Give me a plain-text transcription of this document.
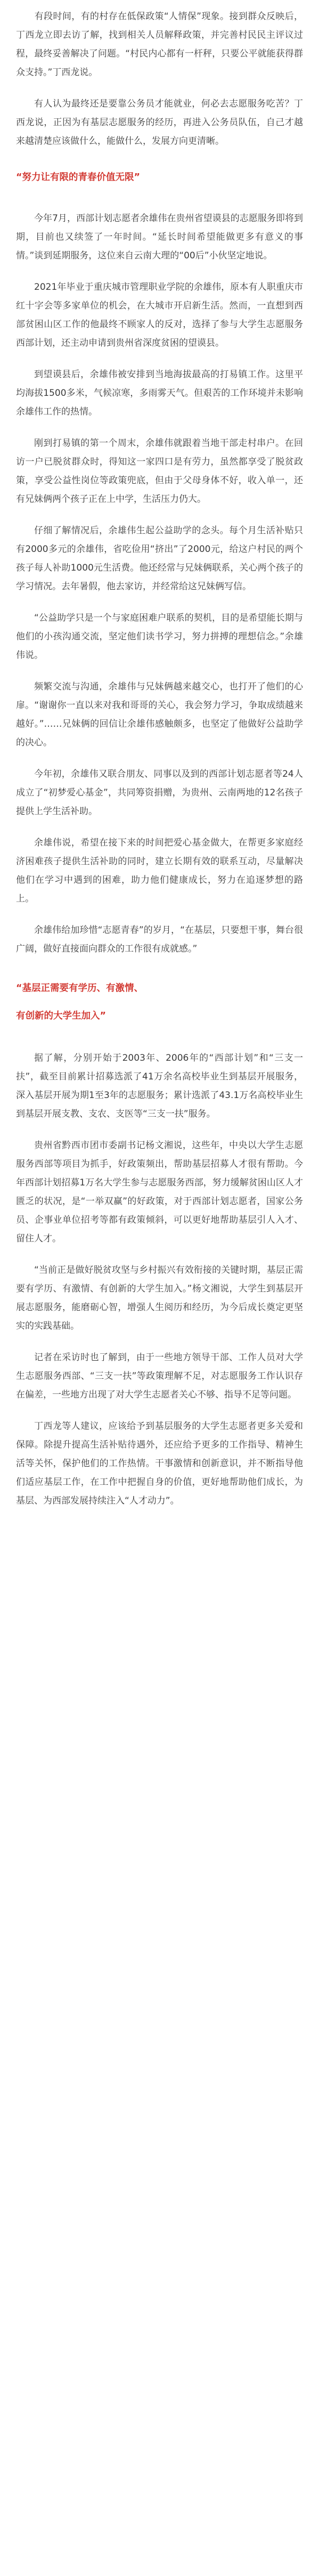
有段时间，有的村存在低保政策“人情保”现象。接到群众反映后，丁西龙立即去访了解，找到相关人员解释政策，并完善村民民主评议过程，最终妥善解决了问题。“村民内心都有一杆秤，只要公平就能获得群众支持。”丁西龙说。

有人认为最终还是要靠公务员才能就业，何必去志愿服务吃苦？丁西龙说，正因为有基层志愿服务的经历，再进入公务员队伍，自己才越来越清楚应该做什么，能做什么，发展方向更清晰。

“努力让有限的青春价值无限”

今年7月，西部计划志愿者余雄伟在贵州省望谟县的志愿服务即将到期，目前也又续签了一年时间。“延长时间希望能做更多有意义的事情。”谈到延期服务，这位来自云南大理的“00后”小伙坚定地说。

2021年毕业于重庆城市管理职业学院的余雄伟，原本有人职重庆市红十字会等多家单位的机会，在大城市开启新生活。然而，一直想到西部贫困山区工作的他最终不顾家人的反对，选择了参与大学生志愿服务西部计划，还主动申请到贵州省深度贫困的望谟县。

到望谟县后，余雄伟被安排到当地海拔最高的打易镇工作。这里平均海拔1500多米，气候凉寒，多雨雾天气。但艰苦的工作环境并未影响余雄伟工作的热情。

刚到打易镇的第一个周末，余雄伟就跟着当地干部走村串户。在回访一户已脱贫群众时，得知这一家四口是有劳力，虽然都享受了脱贫政策，享受公益性岗位等政策兜底，但由于父母身体不好，收入单一，还有兄妹俩两个孩子正在上中学，生活压力仍大。

仔细了解情况后，余雄伟生起公益助学的念头。每个月生活补贴只有2000多元的余雄伟，省吃俭用“挤出”了2000元，给这户村民的两个孩子每人补助1000元生活费。他还经常与兄妹俩联系，关心两个孩子的学习情况。去年暑假，他去家访，并经常给这兄妹俩写信。

“公益助学只是一个与家庭困难户联系的契机，目的是希望能长期与他们的小孩沟通交流，坚定他们读书学习，努力拼搏的理想信念。”余雄伟说。

频繁交流与沟通，余雄伟与兄妹俩越来越交心，也打开了他们的心扉。“谢谢你一直以来对我和哥哥的关心，我会努力学习，争取成绩越来越好。”……兄妹俩的回信让余雄伟感触颇多，也坚定了他做好公益助学的决心。

今年初，余雄伟又联合朋友、同事以及到的西部计划志愿者等24人成立了“初梦爱心基金”，共同筹资捐赠，为贵州、云南两地的12名孩子提供上学生活补助。

余雄伟说，希望在接下来的时间把爱心基金做大，在帮更多家庭经济困难孩子提供生活补助的同时，建立长期有效的联系互动，尽量解决他们在学习中遇到的困难，助力他们健康成长，努力在追逐梦想的路上。

余雄伟给加珍惜“志愿青春”的岁月，“在基层，只要想干事，舞台很广阔，做好直接面向群众的工作很有成就感。”

“基层正需要有学历、有激情、
有创新的大学生加入”

据了解，分别开始于2003年、2006年的“西部计划”和“三支一扶”，截至目前累计招募选派了41万余名高校毕业生到基层开展服务，深入基层开展为期1至3年的志愿服务；累计选派了43.1万名高校毕业生到基层开展支教、支农、支医等“三支一扶”服务。

贵州省黔西市团市委副书记杨文湘说，这些年，中央以大学生志愿服务西部等项目为抓手，好政策频出，帮助基层招募人才很有帮助。今年西部计划招募1万名大学生参与志愿服务西部，努力缓解贫困山区人才匮乏的状况，是“一举双赢”的好政策，对于西部计划志愿者，国家公务员、企事业单位招考等都有政策倾斜，可以更好地帮助基层引人入才、留住人才。

“当前正是做好脱贫攻坚与乡村振兴有效衔接的关键时期，基层正需要有学历、有激情、有创新的大学生加入。”杨文湘说，大学生到基层开展志愿服务，能磨砺心智，增强人生阅历和经历，为今后成长奠定更坚实的实践基础。

记者在采访时也了解到，由于一些地方领导干部、工作人员对大学生志愿服务西部、“三支一扶”等政策理解不足，对志愿服务工作认识存在偏差，一些地方出现了对大学生志愿者关心不够、指导不足等问题。

丁西龙等人建议，应该给予到基层服务的大学生志愿者更多关爱和保障。除提升提高生活补贴待遇外，还应给予更多的工作指导、精神生活等关怀，保护他们的工作热情。干事激情和创新意识，并不断指导他们适应基层工作，在工作中把握自身的价值，更好地帮助他们成长，为基层、为西部发展持续注入“人才动力”。
